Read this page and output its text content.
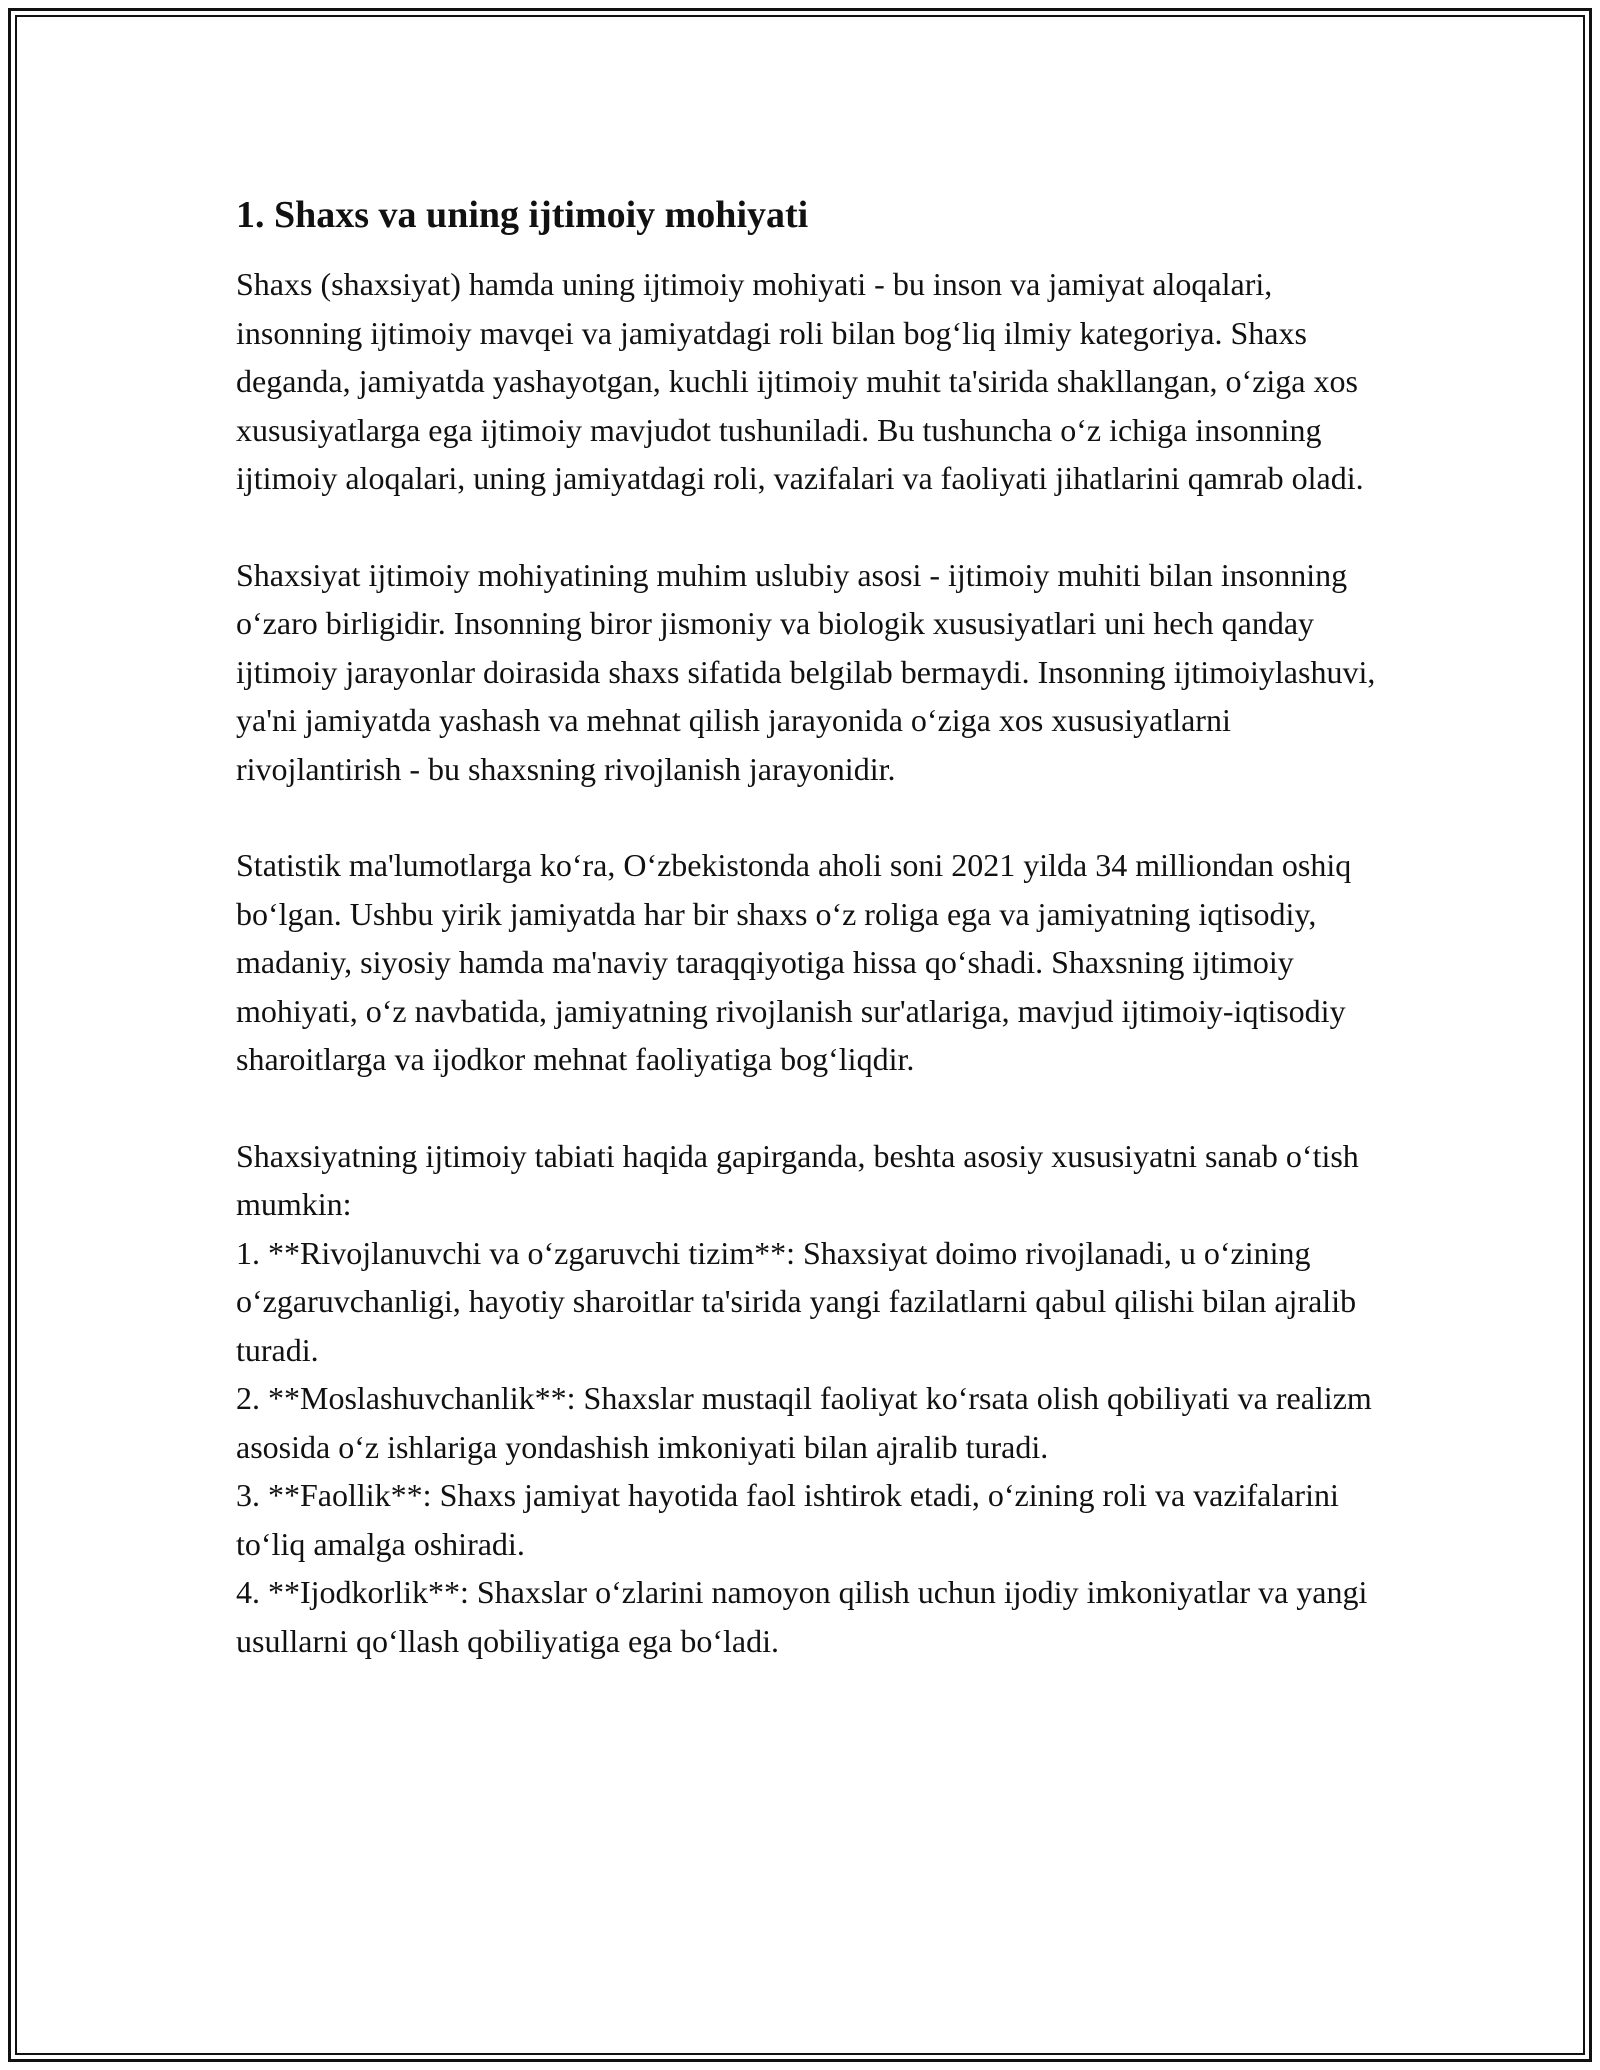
1. Shaxs va uning ijtimoiy mohiyati

Shaxs (shaxsiyat) hamda uning ijtimoiy mohiyati - bu inson va jamiyat aloqalari, insonning ijtimoiy mavqei va jamiyatdagi roli bilan bog‘liq ilmiy kategoriya. Shaxs deganda, jamiyatda yashayotgan, kuchli ijtimoiy muhit ta'sirida shakllangan, o‘ziga xos xususiyatlarga ega ijtimoiy mavjudot tushuniladi. Bu tushuncha o‘z ichiga insonning ijtimoiy aloqalari, uning jamiyatdagi roli, vazifalari va faoliyati jihatlarini qamrab oladi.

Shaxsiyat ijtimoiy mohiyatining muhim uslubiy asosi - ijtimoiy muhiti bilan insonning o‘zaro birligidir. Insonning biror jismoniy va biologik xususiyatlari uni hech qanday ijtimoiy jarayonlar doirasida shaxs sifatida belgilab bermaydi. Insonning ijtimoiylashuvi, ya'ni jamiyatda yashash va mehnat qilish jarayonida o‘ziga xos xususiyatlarni rivojlantirish - bu shaxsning rivojlanish jarayonidir.

Statistik ma'lumotlarga ko‘ra, O‘zbekistonda aholi soni 2021 yilda 34 milliondan oshiq bo‘lgan. Ushbu yirik jamiyatda har bir shaxs o‘z roliga ega va jamiyatning iqtisodiy, madaniy, siyosiy hamda ma'naviy taraqqiyotiga hissa qo‘shadi. Shaxsning ijtimoiy mohiyati, o‘z navbatida, jamiyatning rivojlanish sur'atlariga, mavjud ijtimoiy-iqtisodiy sharoitlarga va ijodkor mehnat faoliyatiga bog‘liqdir.

Shaxsiyatning ijtimoiy tabiati haqida gapirganda, beshta asosiy xususiyatni sanab o‘tish mumkin:

1. **Rivojlanuvchi va o‘zgaruvchi tizim**: Shaxsiyat doimo rivojlanadi, u o‘zining o‘zgaruvchanligi, hayotiy sharoitlar ta'sirida yangi fazilatlarni qabul qilishi bilan ajralib turadi.
2. **Moslashuvchanlik**: Shaxslar mustaqil faoliyat ko‘rsata olish qobiliyati va realizm asosida o‘z ishlariga yondashish imkoniyati bilan ajralib turadi.
3. **Faollik**: Shaxs jamiyat hayotida faol ishtirok etadi, o‘zining roli va vazifalarini to‘liq amalga oshiradi.
4. **Ijodkorlik**: Shaxslar o‘zlarini namoyon qilish uchun ijodiy imkoniyatlar va yangi usullarni qo‘llash qobiliyatiga ega bo‘ladi.
